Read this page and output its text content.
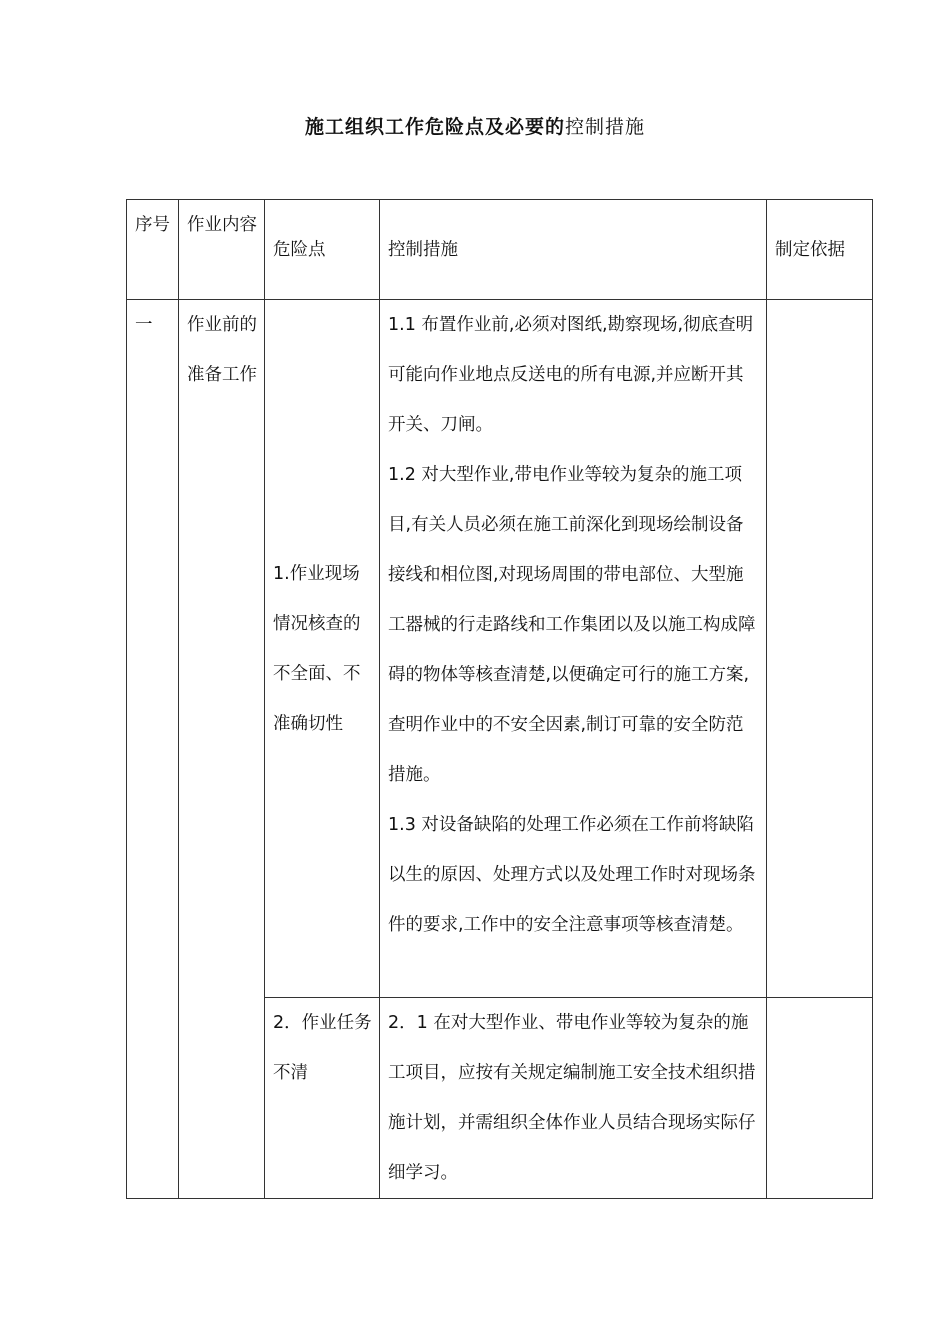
施工组织工作危险点及必要的控制措施
序号	作业内容	危险点	控制措施	制定依据
一	作业前的准备工作	1.作业现场情况核查的不全面、不准确切性	1.1 布置作业前,必须对图纸,勘察现场,彻底查明可能向作业地点反送电的所有电源,并应断开其开关、刀闸。
1.2 对大型作业,带电作业等较为复杂的施工项目,有关人员必须在施工前深化到现场绘制设备接线和相位图,对现场周围的带电部位、大型施工器械的行走路线和工作集团以及以施工构成障碍的物体等核查清楚,以便确定可行的施工方案,查明作业中的不安全因素,制订可靠的安全防范措施。
1.3 对设备缺陷的处理工作必须在工作前将缺陷以生的原因、处理方式以及处理工作时对现场条件的要求,工作中的安全注意事项等核查清楚。	

		2．作业任务不清	2．1 在对大型作业、带电作业等较为复杂的施工项目，应按有关规定编制施工安全技术组织措施计划，并需组织全体作业人员结合现场实际仔细学习。	
